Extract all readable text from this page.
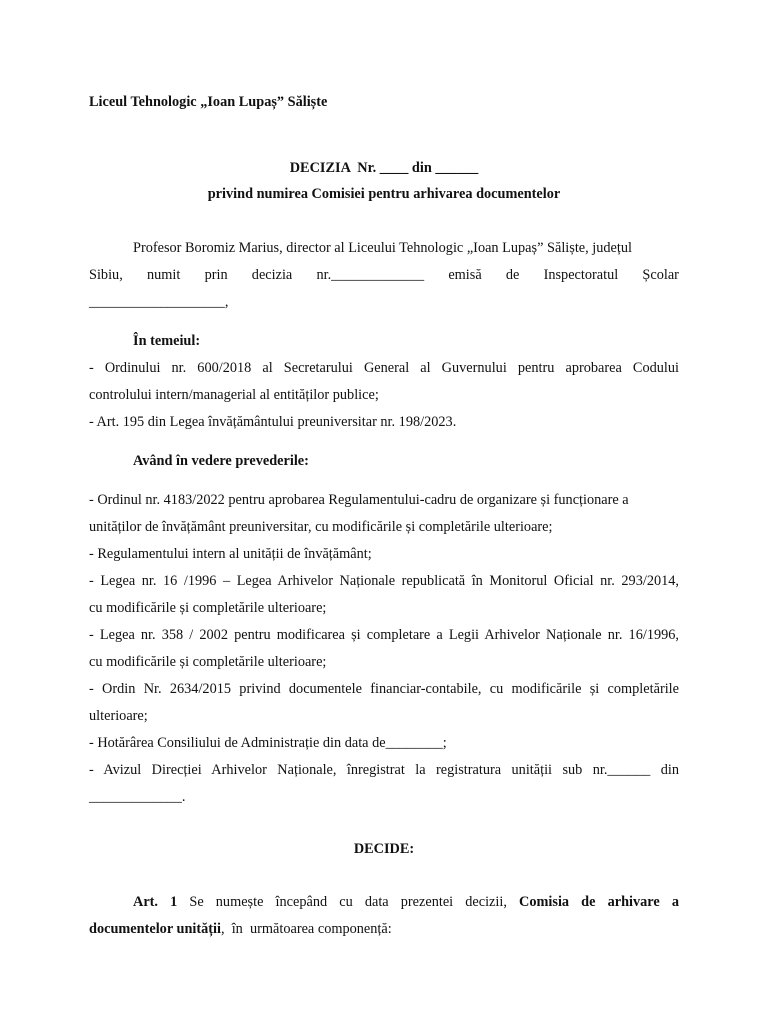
Liceul Tehnologic „Ioan Lupaș” Săliște
DECIZIA  Nr. ____ din ______
privind numirea Comisiei pentru arhivarea documentelor
Profesor Boromiz Marius, director al Liceului Tehnologic „Ioan Lupaș” Săliște, județul
Sibiu, numit prin decizia nr._____________ emisă de Inspectoratul Școlar
___________________,
În temeiul:
- Ordinului nr. 600/2018 al Secretarului General al Guvernului pentru aprobarea Codului
controlului intern/managerial al entităților publice;
- Art. 195 din Legea învățământului preuniversitar nr. 198/2023.
Având în vedere prevederile:
- Ordinul nr. 4183/2022 pentru aprobarea Regulamentului-cadru de organizare și funcționare a
unităților de învățământ preuniversitar, cu modificările și completările ulterioare;
- Regulamentului intern al unității de învățământ;
- Legea nr. 16 /1996 – Legea Arhivelor Naționale republicată în Monitorul Oficial nr. 293/2014,
cu modificările și completările ulterioare;
- Legea nr. 358 / 2002 pentru modificarea și completare a Legii Arhivelor Naționale nr. 16/1996,
cu modificările și completările ulterioare;
- Ordin Nr. 2634/2015 privind documentele financiar-contabile, cu modificările și completările
ulterioare;
- Hotărârea Consiliului de Administrație din data de________;
- Avizul Direcției Arhivelor Naționale, înregistrat la registratura unității sub nr.______ din
_____________.
DECIDE:
Art. 1 Se numește începând cu data prezentei decizii, Comisia de arhivare a
documentelor unității,  în  următoarea componență:
